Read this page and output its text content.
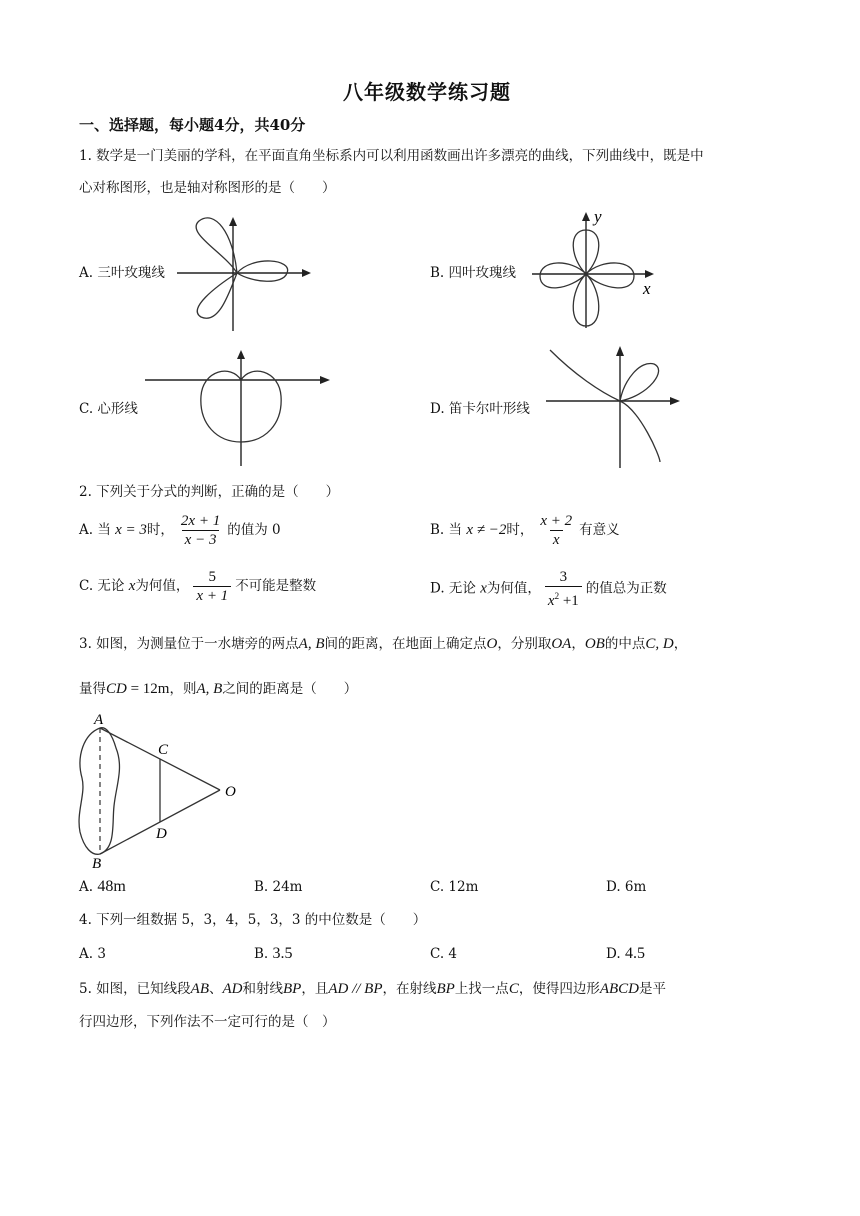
八年级数学练习题
一、选择题，每小题4分，共40分
1. 数学是一门美丽的学科，在平面直角坐标系内可以利用函数画出许多漂亮的曲线，下列曲线中，既是中
心对称图形，也是轴对称图形的是（　　）
A. 三叶玫瑰线	B. 四叶玫瑰线
y
x
C. 心形线	D. 笛卡尔叶形线
2. 下列关于分式的判断，正确的是（　　）
A. 当 x = 3时， $\frac{2x + 1}{x - 3}$ 的值为 0	B. 当 x ≠ −2时， $\frac{x + 2}{x}$ 有意义
C. 无论 x为何值， $\frac{5}{x + 1}$ 不可能是整数	D. 无论 x为何值， $\frac{3}{x^2 +1}$ 的值总为正数
3. 如图，为测量位于一水塘旁的两点A, B间的距离，在地面上确定点O，分别取OA，OB的中点C, D，
量得CD = 12m，则A, B之间的距离是（　　）
A
B
C
D
O
A. 48m	B. 24m	C. 12m	D. 6m
4. 下列一组数据 5，3，4，5，3，3 的中位数是（　　）
A. 3	B. 3.5	C. 4	D. 4.5
5. 如图，已知线段AB、AD和射线BP，且AD // BP，在射线BP上找一点C，使得四边形ABCD是平
行四边形，下列作法不一定可行的是（　）
